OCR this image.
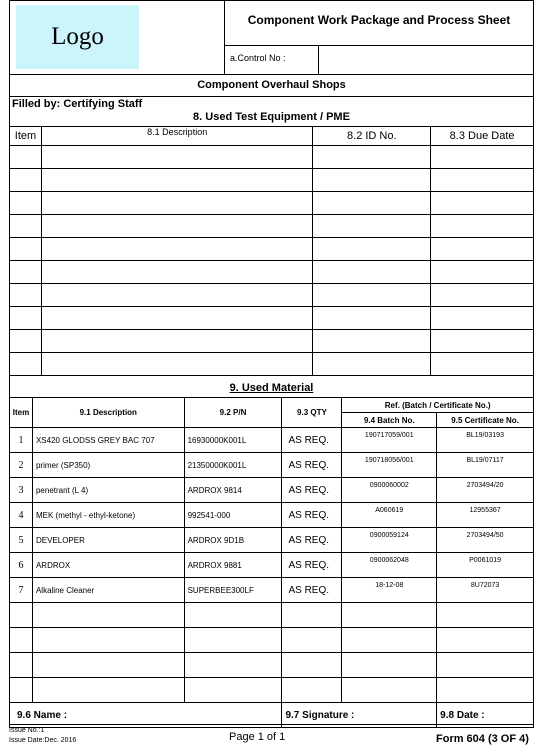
Logo
Component Work Package and Process Sheet
a.Control No :
Component Overhaul Shops
Filled by: Certifying Staff
8. Used Test Equipment / PME
Item	8.1 Description	8.2 ID No.	8.3 Due Date

9. Used Material
Item	9.1 Description	9.2 P/N	9.3 QTY	Ref. (Batch / Certificate No.)	
				9.4 Batch No.	9.5 Certificate No.
1	XS420 GLODSS GREY BAC 707	16930000K001L	AS REQ.	190717059/001	BL19/03193
2	primer (SP350)	21350000K001L	AS REQ.	190718056/001	BL19/07117
3	penetrant (L 4)	ARDROX 9814	AS REQ.	0900060002	2703494/20
4	MEK (methyl - ethyl-ketone)	992541-000	AS REQ.	A060619	12955367
5	DEVELOPER	ARDROX 9D1B	AS REQ.	0900059124	2703494/50
6	ARDROX	ARDROX 9881	AS REQ.	0900062048	P0061019
7	Alkaline Cleaner	SUPERBEE300LF	AS REQ.	18-12-08	8U72073

9.6 Name :			9.7 Signature :		9.8 Date :
Issue No.:1
Issue Date:Dec. 2016	Page 1 of 1	Form 604 (3 OF 4)
